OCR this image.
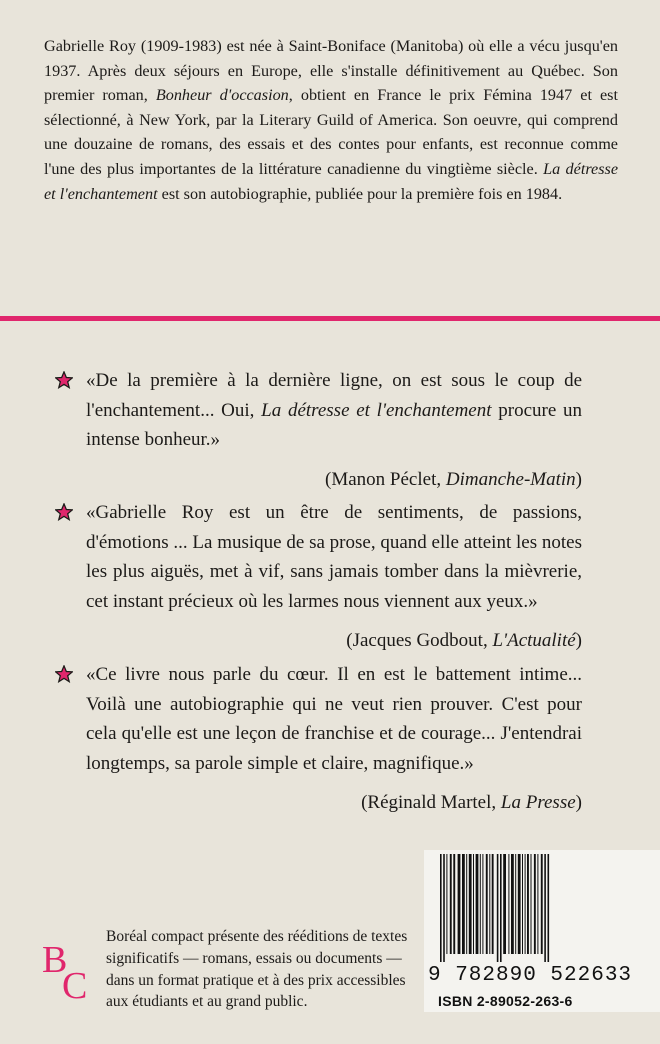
Gabrielle Roy (1909-1983) est née à Saint-Boniface (Manitoba) où elle a vécu jusqu'en 1937. Après deux séjours en Europe, elle s'installe définitivement au Québec. Son premier roman, Bonheur d'occasion, obtient en France le prix Fémina 1947 et est sélectionné, à New York, par la Literary Guild of America. Son oeuvre, qui comprend une douzaine de romans, des essais et des contes pour enfants, est reconnue comme l'une des plus importantes de la littérature canadienne du vingtième siècle. La détresse et l'enchantement est son autobiographie, publiée pour la première fois en 1984.
«De la première à la dernière ligne, on est sous le coup de l'enchantement... Oui, La détresse et l'enchantement procure un intense bonheur.»
(Manon Péclet, Dimanche-Matin)
«Gabrielle Roy est un être de sentiments, de passions, d'émotions ... La musique de sa prose, quand elle atteint les notes les plus aiguës, met à vif, sans jamais tomber dans la mièvrerie, cet instant précieux où les larmes nous viennent aux yeux.»
(Jacques Godbout, L'Actualité)
«Ce livre nous parle du cœur. Il en est le battement intime... Voilà une autobiographie qui ne veut rien prouver. C'est pour cela qu'elle est une leçon de franchise et de courage... J'entendrai longtemps, sa parole simple et claire, magnifique.»
(Réginald Martel, La Presse)
B
C
Boréal compact présente des rééditions de textes significatifs — romans, essais ou documents — dans un format pratique et à des prix accessibles aux étudiants et au grand public.
9 782890 522633
ISBN 2-89052-263-6
